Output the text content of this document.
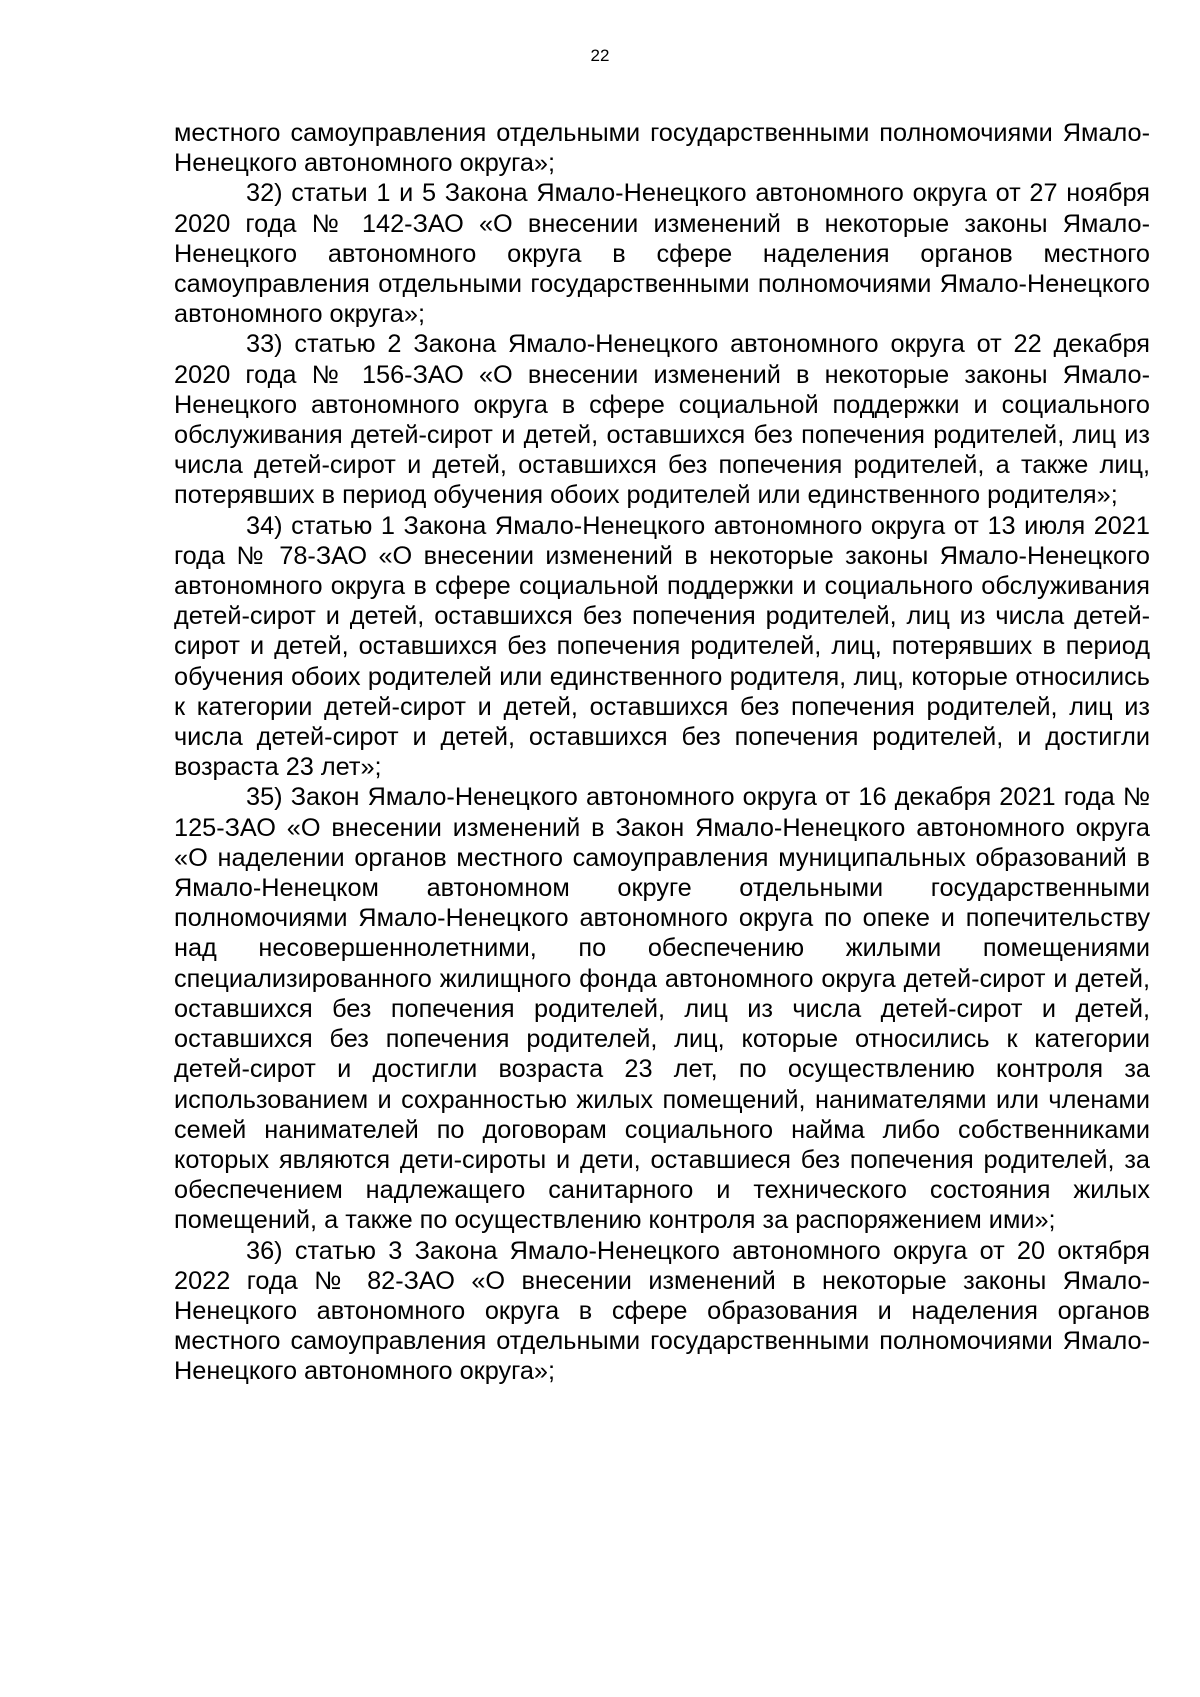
22

местного самоуправления отдельными государственными полномочиями Ямало-Ненецкого автономного округа»;

32) статьи 1 и 5 Закона Ямало-Ненецкого автономного округа от 27 ноября 2020 года № 142-ЗАО «О внесении изменений в некоторые законы Ямало-Ненецкого автономного округа в сфере наделения органов местного самоуправления отдельными государственными полномочиями Ямало-Ненецкого автономного округа»;

33) статью 2 Закона Ямало-Ненецкого автономного округа от 22 декабря 2020 года № 156-ЗАО «О внесении изменений в некоторые законы Ямало-Ненецкого автономного округа в сфере социальной поддержки и социального обслуживания детей-сирот и детей, оставшихся без попечения родителей, лиц из числа детей-сирот и детей, оставшихся без попечения родителей, а также лиц, потерявших в период обучения обоих родителей или единственного родителя»;

34) статью 1 Закона Ямало-Ненецкого автономного округа от 13 июля 2021 года № 78-ЗАО «О внесении изменений в некоторые законы Ямало-Ненецкого автономного округа в сфере социальной поддержки и социального обслуживания детей-сирот и детей, оставшихся без попечения родителей, лиц из числа детей-сирот и детей, оставшихся без попечения родителей, лиц, потерявших в период обучения обоих родителей или единственного родителя, лиц, которые относились к категории детей-сирот и детей, оставшихся без попечения родителей, лиц из числа детей-сирот и детей, оставшихся без попечения родителей, и достигли возраста 23 лет»;

35) Закон Ямало-Ненецкого автономного округа от 16 декабря 2021 года № 125-ЗАО «О внесении изменений в Закон Ямало-Ненецкого автономного округа «О наделении органов местного самоуправления муниципальных образований в Ямало-Ненецком автономном округе отдельными государственными полномочиями Ямало-Ненецкого автономного округа по опеке и попечительству над несовершеннолетними, по обеспечению жилыми помещениями специализированного жилищного фонда автономного округа детей-сирот и детей, оставшихся без попечения родителей, лиц из числа детей-сирот и детей, оставшихся без попечения родителей, лиц, которые относились к категории детей-сирот и достигли возраста 23 лет, по осуществлению контроля за использованием и сохранностью жилых помещений, нанимателями или членами семей нанимателей по договорам социального найма либо собственниками которых являются дети-сироты и дети, оставшиеся без попечения родителей, за обеспечением надлежащего санитарного и технического состояния жилых помещений, а также по осуществлению контроля за распоряжением ими»;

36) статью 3 Закона Ямало-Ненецкого автономного округа от 20 октября 2022 года № 82-ЗАО «О внесении изменений в некоторые законы Ямало-Ненецкого автономного округа в сфере образования и наделения органов местного самоуправления отдельными государственными полномочиями Ямало-Ненецкого автономного округа»;
